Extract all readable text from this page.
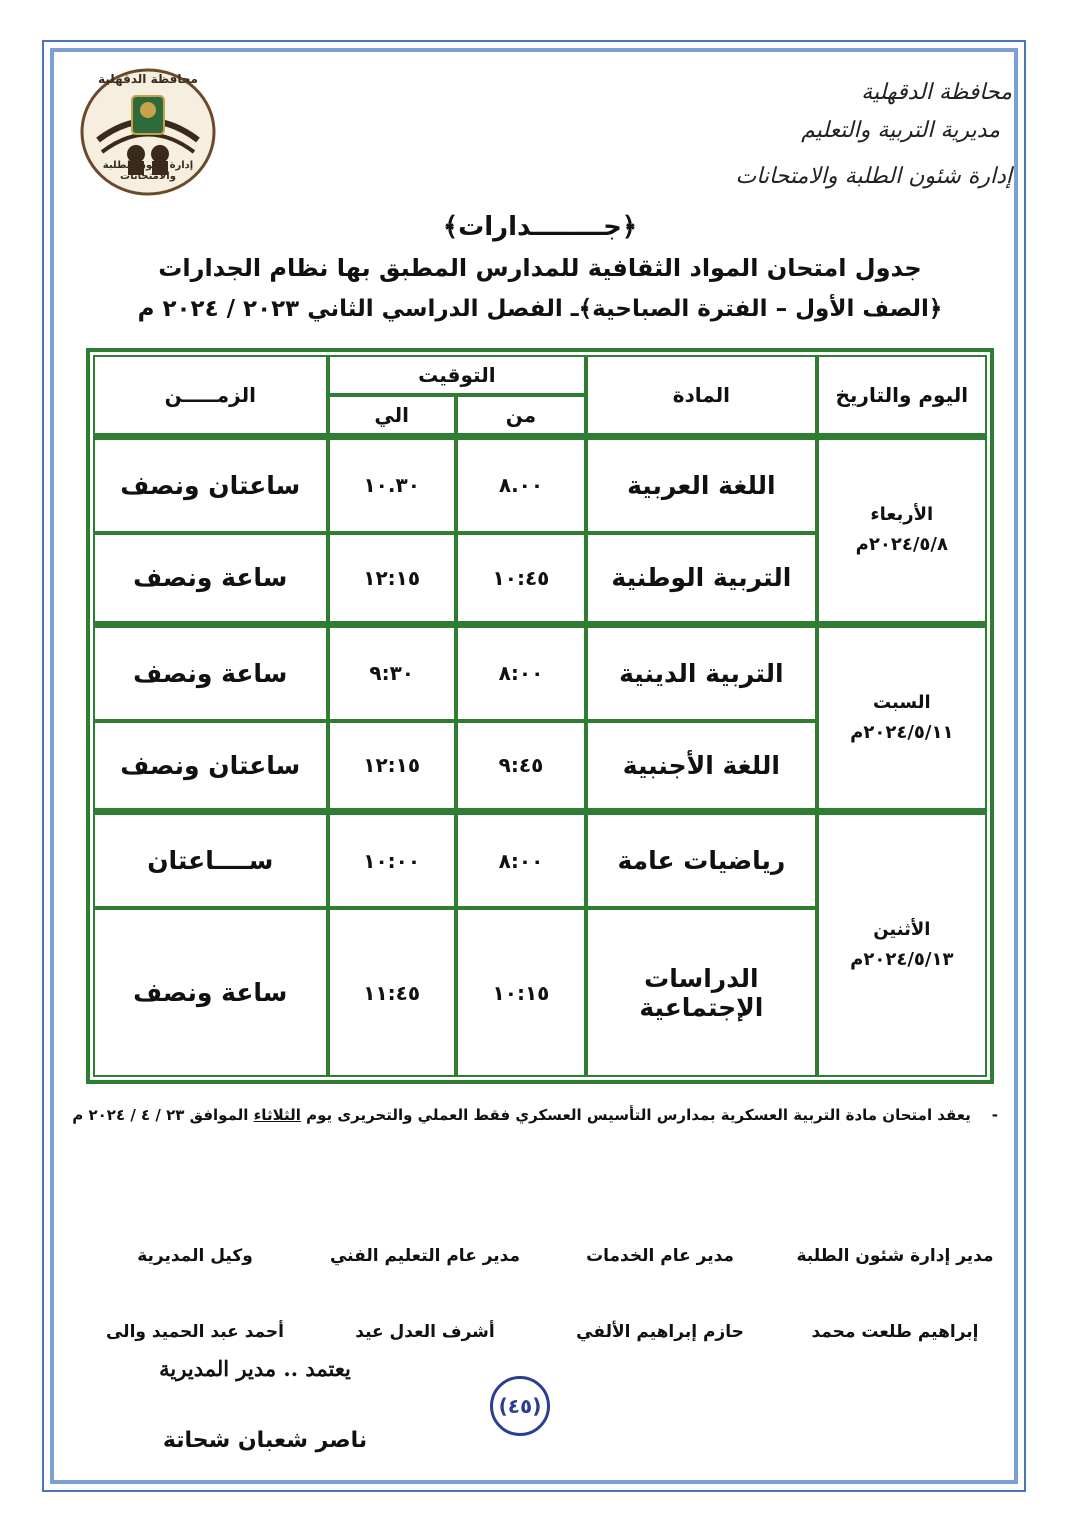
محافظة الدقهلية
إدارة شئون الطلبة والامتحانات
محافظة الدقهلية
مديرية التربية والتعليم
إدارة شئون الطلبة والامتحانات
﴿جــــــــدارات﴾
جدول امتحان المواد الثقافية للمدارس المطبق بها نظام الجدارات
﴿الصف الأول – الفترة الصباحية﴾ـ الفصل الدراسي الثاني ٢٠٢٣ / ٢٠٢٤ م
اليوم والتاريخ	المادة	التوقيت		الزمـــــن
		من	الي	

الأربعاء
٢٠٢٤/٥/٨م	اللغة العربية	٨.٠٠	١٠.٣٠	ساعتان ونصف
	التربية الوطنية	١٠:٤٥	١٢:١٥	ساعة ونصف

السبت
٢٠٢٤/٥/١١م	التربية الدينية	٨:٠٠	٩:٣٠	ساعة ونصف
	اللغة الأجنبية	٩:٤٥	١٢:١٥	ساعتان ونصف

الأثنين
٢٠٢٤/٥/١٣م	رياضيات عامة	٨:٠٠	١٠:٠٠	ســــاعتان
	الدراسات الإجتماعية	١٠:١٥	١١:٤٥	ساعة ونصف
-    يعقد امتحان مادة التربية العسكرية بمدارس التأسيس العسكري فقط العملي والتحريرى يوم الثلاثاء الموافق ٢٣ / ٤ / ٢٠٢٤ م
مدير إدارة شئون الطلبة
مدير عام الخدمات
مدير عام التعليم الفني
وكيل المديرية
إبراهيم طلعت محمد
حازم إبراهيم الألفي
أشرف العدل عيد
أحمد عبد الحميد والى
يعتمد .. مدير المديرية
(٤٥)
ناصر شعبان شحاتة
